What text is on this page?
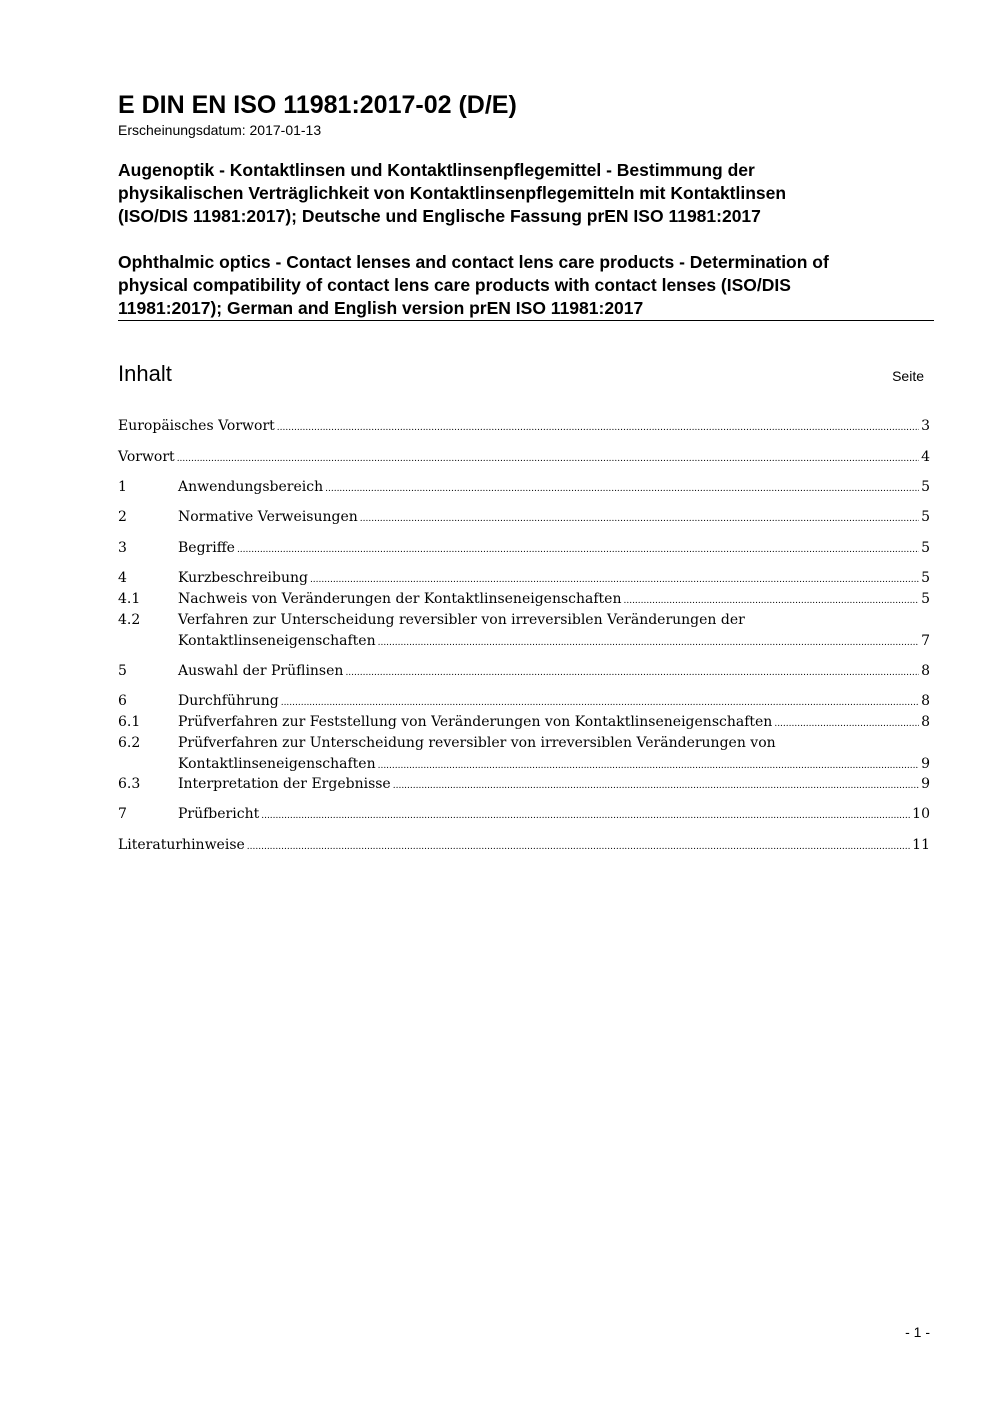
E DIN EN ISO 11981:2017-02 (D/E)
Erscheinungsdatum: 2017-01-13
Augenoptik - Kontaktlinsen und Kontaktlinsenpflegemittel - Bestimmung der
physikalischen Verträglichkeit von Kontaktlinsenpflegemitteln mit Kontaktlinsen
(ISO/DIS 11981:2017); Deutsche und Englische Fassung prEN ISO 11981:2017
Ophthalmic optics - Contact lenses and contact lens care products - Determination of
physical compatibility of contact lens care products with contact lenses (ISO/DIS
11981:2017); German and English version prEN ISO 11981:2017
Inhalt	Seite
Europäisches Vorwort .....	3
Vorwort .....	4
1	Anwendungsbereich .....	5
2	Normative Verweisungen .....	5
3	Begriffe .....	5
4	Kurzbeschreibung .....	5
4.1	Nachweis von Veränderungen der Kontaktlinseneigenschaften .....	5
4.2	Verfahren zur Unterscheidung reversibler von irreversiblen Veränderungen der
Kontaktlinseneigenschaften .....	7
5	Auswahl der Prüflinsen .....	8
6	Durchführung .....	8
6.1	Prüfverfahren zur Feststellung von Veränderungen von Kontaktlinseneigenschaften .....	8
6.2	Prüfverfahren zur Unterscheidung reversibler von irreversiblen Veränderungen von
Kontaktlinseneigenschaften .....	9
6.3	Interpretation der Ergebnisse .....	9
7	Prüfbericht .....	10
Literaturhinweise .....	11
- 1 -
